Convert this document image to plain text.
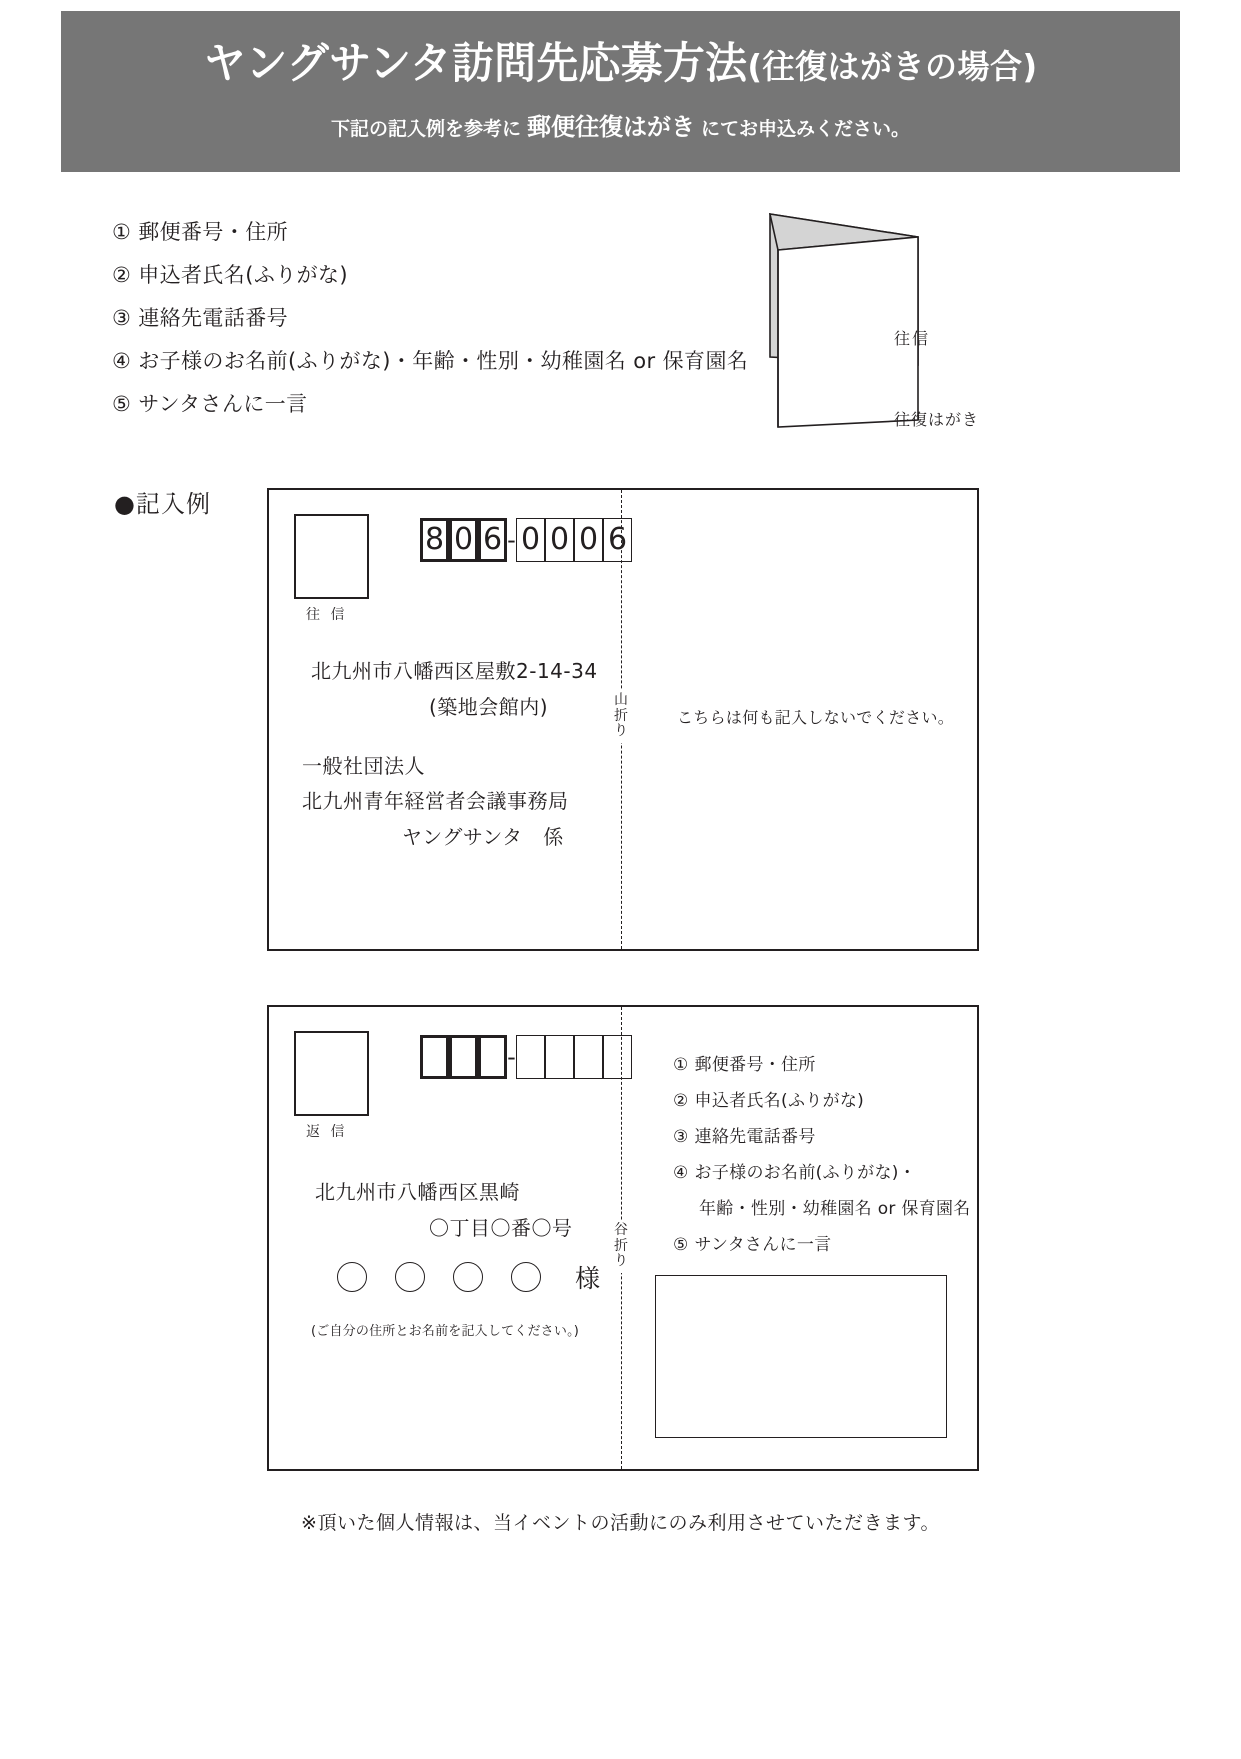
ヤングサンタ訪問先応募方法 (往復はがきの場合)
下記の記入例を参考に 郵便往復はがき にてお申込みください。
① 郵便番号・住所
② 申込者氏名(ふりがな)
③ 連絡先電話番号
④ お子様のお名前(ふりがな)・年齢・性別・幼稚園名 or 保育園名
⑤ サンタさんに一言
往信
往復はがき
●記入例
山折り
往 信
8 0 6 - 0 0 0 6
北九州市八幡西区屋敷2-14-34
(築地会館内)
一般社団法人
北九州青年経営者会議事務局
ヤングサンタ　係
こちらは何も記入しないでください。
谷折り
返 信
-
北九州市八幡西区黒崎
〇丁目〇番〇号
様
(ご自分の住所とお名前を記入してください。)
① 郵便番号・住所
② 申込者氏名(ふりがな)
③ 連絡先電話番号
④ お子様のお名前(ふりがな)・
年齢・性別・幼稚園名 or 保育園名
⑤ サンタさんに一言
※頂いた個人情報は、当イベントの活動にのみ利用させていただきます。
